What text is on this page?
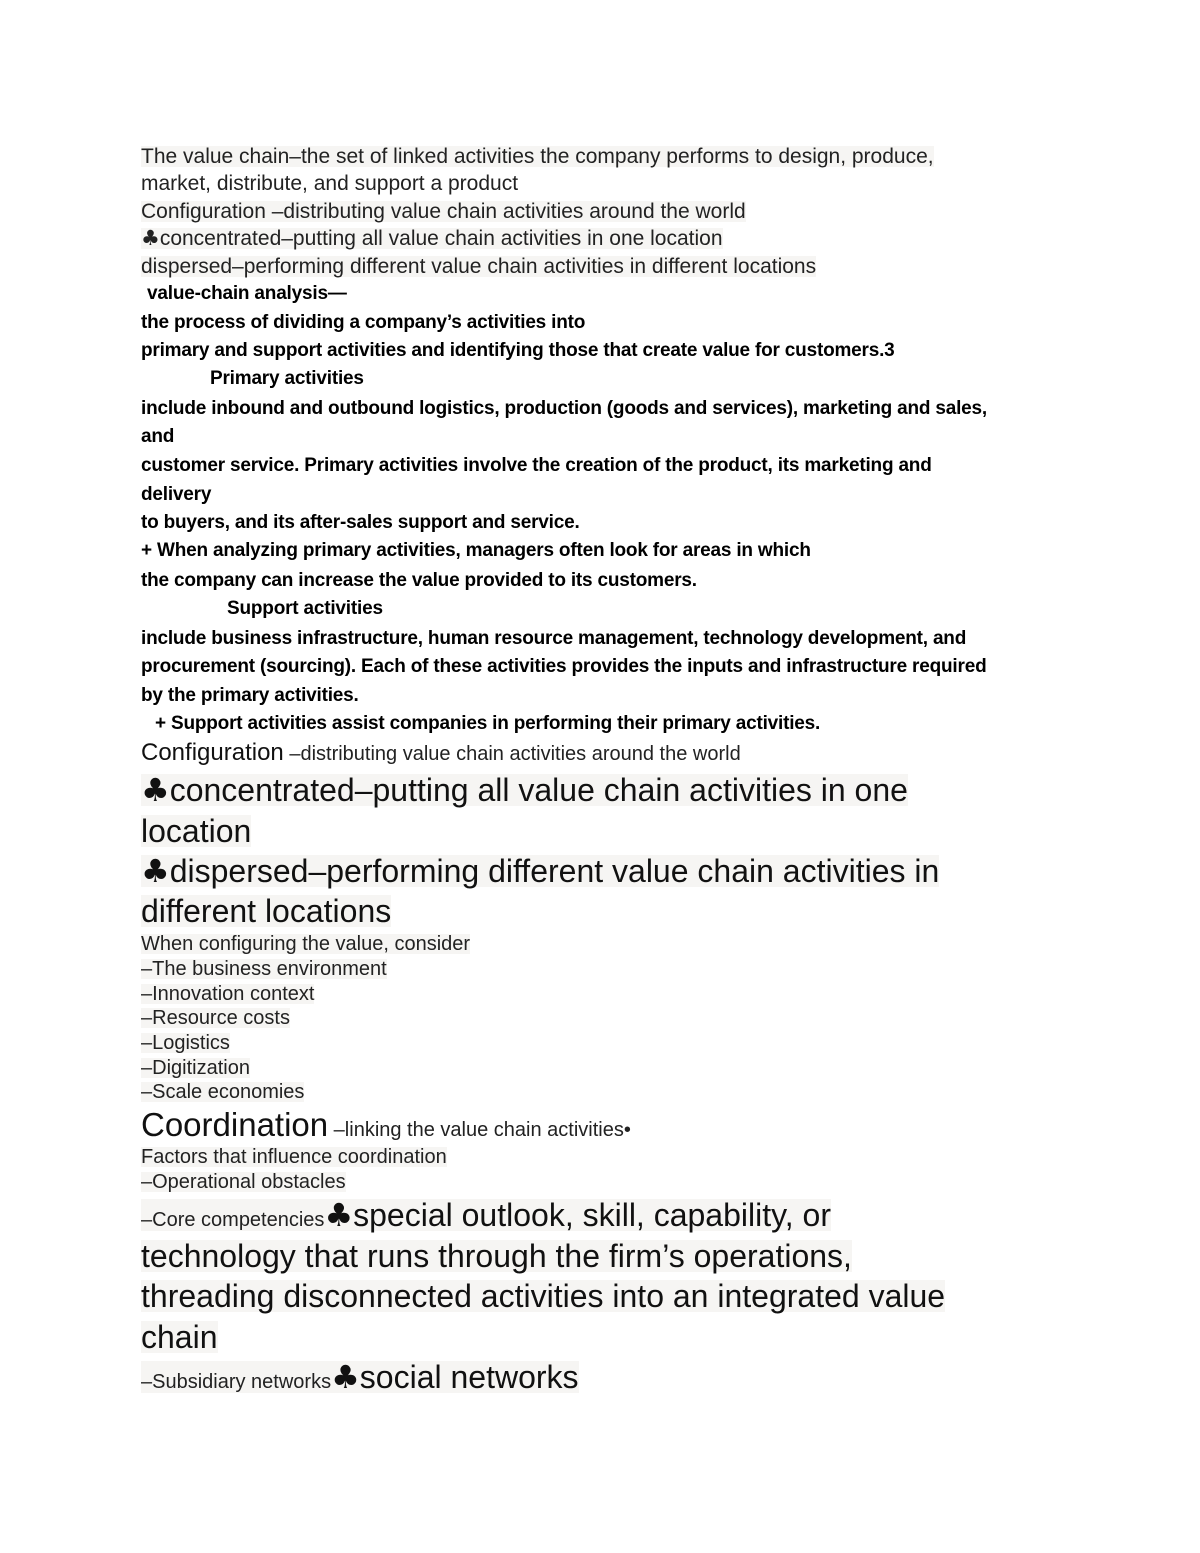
The value chain–the set of linked activities the company performs to design, produce,
market, distribute, and support a product
Configuration –distributing value chain activities around the world
♣concentrated–putting all value chain activities in one location
dispersed–performing different value chain activities in different locations
value-chain analysis—
the process of dividing a company’s activities into
primary and support activities and identifying those that create value for customers.3
Primary activities
include inbound and outbound logistics, production (goods and services), marketing and sales,
and
customer service. Primary activities involve the creation of the product, its marketing and
delivery
to buyers, and its after-sales support and service.
+ When analyzing primary activities, managers often look for areas in which
the company can increase the value provided to its customers.
Support activities
include business infrastructure, human resource management, technology development, and
procurement (sourcing). Each of these activities provides the inputs and infrastructure required
by the primary activities.
+ Support activities assist companies in performing their primary activities.
Configuration –distributing value chain activities around the world
♣concentrated–putting all value chain activities in one
location
♣dispersed–performing different value chain activities in
different locations
When configuring the value, consider
–The business environment
–Innovation context
–Resource costs
–Logistics
–Digitization
–Scale economies
Coordination –linking the value chain activities•
Factors that influence coordination
–Operational obstacles
–Core competencies♣special outlook, skill, capability, or
technology that runs through the firm’s operations,
threading disconnected activities into an integrated value
chain
–Subsidiary networks♣social networks
